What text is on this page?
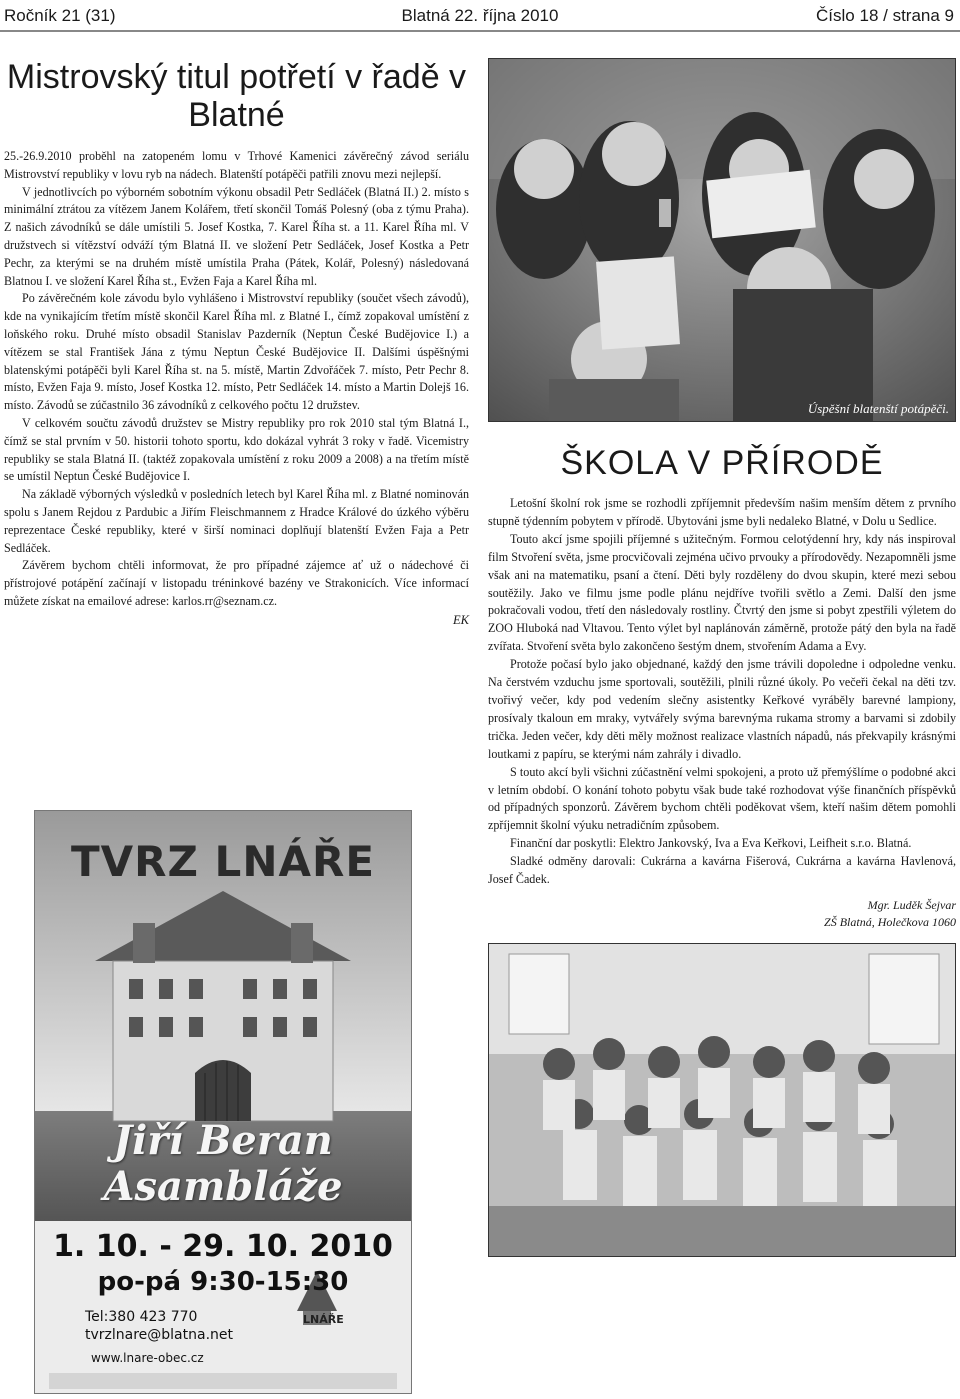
Ročník 21 (31)	Blatná 22. října 2010	Číslo 18 / strana 9
Mistrovský titul potřetí v řadě v Blatné

25.-26.9.2010 proběhl na zatopeném lomu v Trhové Kamenici závěrečný závod seriálu Mistrovství republiky v lovu ryb na nádech. Blatenští potápěči patřili znovu mezi nejlepší.

V jednotlivcích po výborném sobotním výkonu obsadil Petr Sedláček (Blatná II.) 2. místo s minimální ztrátou za vítězem Janem Kolářem, třetí skončil Tomáš Polesný (oba z týmu Praha). Z našich závodníků se dále umístili 5. Josef Kostka, 7. Karel Říha st. a 11. Karel Říha ml. V družstvech si vítězství odváží tým Blatná II. ve složení Petr Sedláček, Josef Kostka a Petr Pechr, za kterými se na druhém místě umístila Praha (Pátek, Kolář, Polesný) následovaná Blatnou I. ve složení Karel Říha st., Evžen Faja a Karel Říha ml.

Po závěrečném kole závodu bylo vyhlášeno i Mistrovství republiky (součet všech závodů), kde na vynikajícím třetím místě skončil Karel Říha ml. z Blatné I., čímž zopakoval umístění z loňského roku. Druhé místo obsadil Stanislav Pazderník (Neptun České Budějovice I.) a vítězem se stal František Jána z týmu Neptun České Budějovice II. Dalšími úspěšnými blatenskými potápěči byli Karel Říha st. na 5. místě, Martin Zdvořáček 7. místo, Petr Pechr 8. místo, Evžen Faja 9. místo, Josef Kostka 12. místo, Petr Sedláček 14. místo a Martin Dolejš 16. místo. Závodů se zúčastnilo 36 závodníků z celkového počtu 12 družstev.

V celkovém součtu závodů družstev se Mistry republiky pro rok 2010 stal tým Blatná I., čímž se stal prvním v 50. historii tohoto sportu, kdo dokázal vyhrát 3 roky v řadě. Vicemistry republiky se stala Blatná II. (taktéž zopakovala umístění z roku 2009 a 2008) a na třetím místě se umístil Neptun České Budějovice I.

Na základě výborných výsledků v posledních letech byl Karel Říha ml. z Blatné nominován spolu s Janem Rejdou z Pardubic a Jiřím Fleischmannem z Hradce Králové do úzkého výběru reprezentace České republiky, které v širší nominaci doplňují blatenští Evžen Faja a Petr Sedláček.

Závěrem bychom chtěli informovat, že pro případné zájemce ať už o nádechové či přístrojové potápění začínají v listopadu tréninkové bazény ve Strakonicích. Více informací můžete získat na emailové adrese: karlos.rr@seznam.cz.

EK
TVRZ LNÁŘE
Jiří Beran
Asambláže
1. 10. - 29. 10. 2010
po-pá 9:30-15:30
Tel:380 423 770
tvrzlnare@blatna.net
www.lnare-obec.cz
LNÁŘE
Úspěšní blatenští potápěči.
ŠKOLA V PŘÍRODĚ

Letošní školní rok jsme se rozhodli zpříjemnit především našim menším dětem z prvního stupně týdenním pobytem v přírodě. Ubytováni jsme byli nedaleko Blatné, v Dolu u Sedlice.

Touto akcí jsme spojili příjemné s užitečným. Formou celotýdenní hry, kdy nás inspiroval film Stvoření světa, jsme procvičovali zejména učivo prvouky a přírodovědy. Nezapomněli jsme však ani na matematiku, psaní a čtení. Děti byly rozděleny do dvou skupin, které mezi sebou soutěžily. Jako ve filmu jsme podle plánu nejdříve tvořili světlo a Zemi. Další den jsme pokračovali vodou, třetí den následovaly rostliny. Čtvrtý den jsme si pobyt zpestřili výletem do ZOO Hluboká nad Vltavou. Tento výlet byl naplánován záměrně, protože pátý den byla na řadě zvířata. Stvoření světa bylo zakončeno šestým dnem, stvořením Adama a Evy.

Protože počasí bylo jako objednané, každý den jsme trávili dopoledne i odpoledne venku. Na čerstvém vzduchu jsme sportovali, soutěžili, plnili různé úkoly. Po večeři čekal na děti tzv. tvořivý večer, kdy pod vedením slečny asistentky Keřkové vyráběly barevné lampiony, prosívaly tkaloun em mraky, vytvářely svýma barevnýma rukama stromy a barvami si zdobily trička. Jeden večer, kdy děti měly možnost realizace vlastních nápadů, nás překvapily krásnými loutkami z papíru, se kterými nám zahrály i divadlo.

S touto akcí byli všichni zúčastnění velmi spokojeni, a proto už přemýšlíme o podobné akci v letním období. O konání tohoto pobytu však bude také rozhodovat výše finančních příspěvků od případných sponzorů. Závěrem bychom chtěli poděkovat všem, kteří našim dětem pomohli zpříjemnit školní výuku netradičním způsobem.

Finanční dar poskytli: Elektro Jankovský, Iva a Eva Keřkovi, Leifheit s.r.o. Blatná.

Sladké odměny darovali: Cukrárna a kavárna Fišerová, Cukrárna a kavárna Havlenová, Josef Čadek.

Mgr. Luděk Šejvar
ZŠ Blatná, Holečkova 1060
